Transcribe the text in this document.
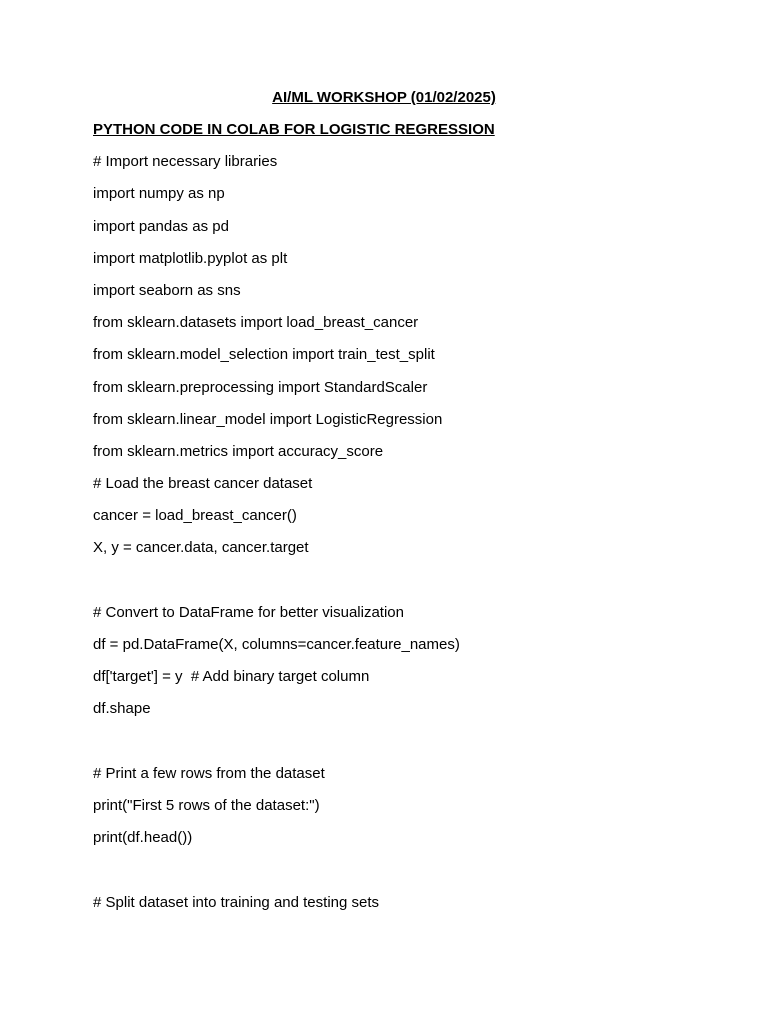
AI/ML WORKSHOP (01/02/2025)
PYTHON CODE IN COLAB FOR LOGISTIC REGRESSION
# Import necessary libraries
import numpy as np
import pandas as pd
import matplotlib.pyplot as plt
import seaborn as sns
from sklearn.datasets import load_breast_cancer
from sklearn.model_selection import train_test_split
from sklearn.preprocessing import StandardScaler
from sklearn.linear_model import LogisticRegression
from sklearn.metrics import accuracy_score
# Load the breast cancer dataset
cancer = load_breast_cancer()
X, y = cancer.data, cancer.target
# Convert to DataFrame for better visualization
df = pd.DataFrame(X, columns=cancer.feature_names)
df['target'] = y  # Add binary target column
df.shape
# Print a few rows from the dataset
print("First 5 rows of the dataset:")
print(df.head())
# Split dataset into training and testing sets
